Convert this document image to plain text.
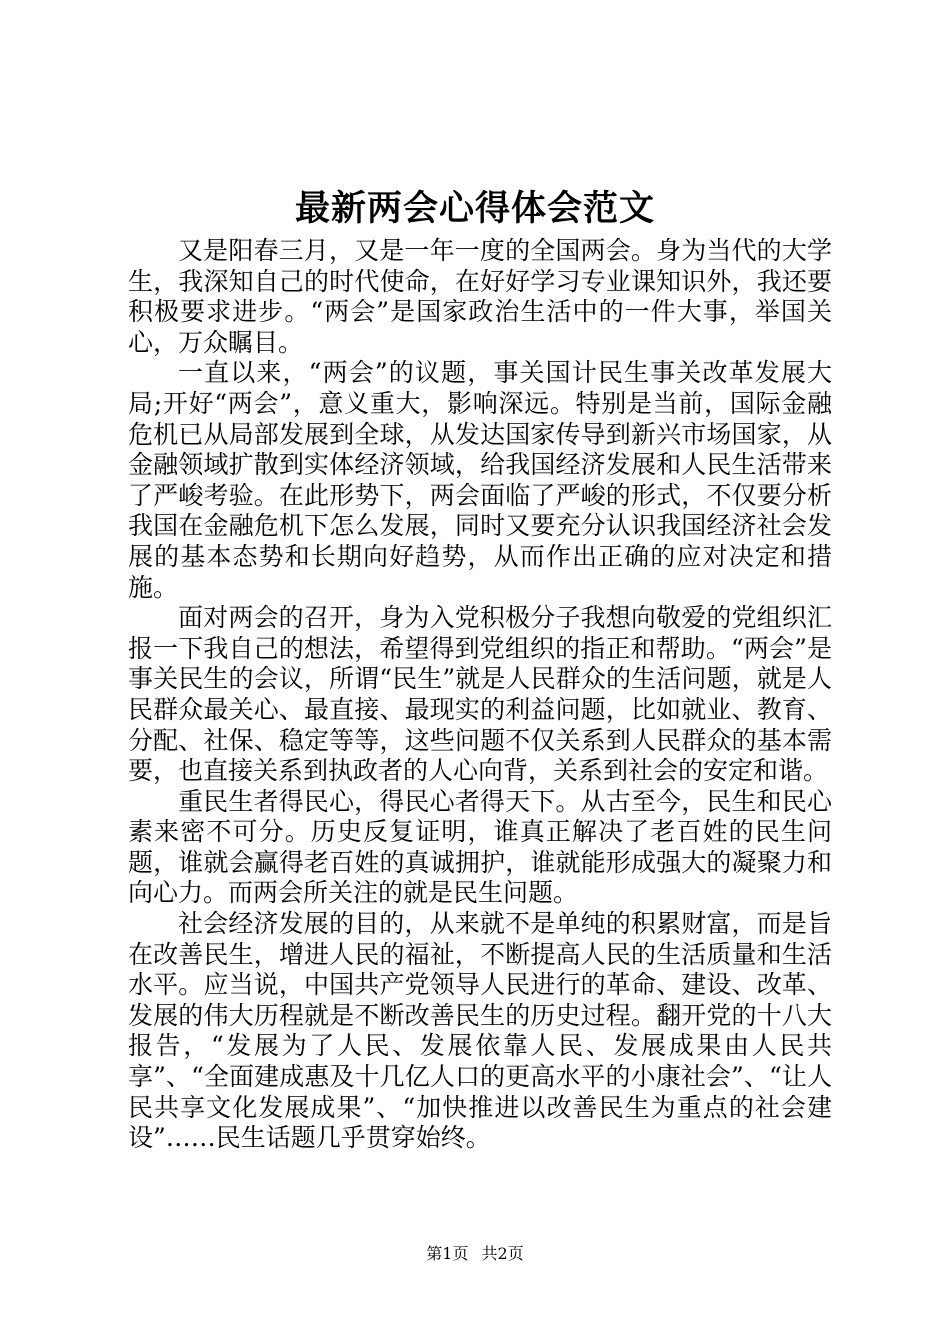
最新两会心得体会范文

又是阳春三月，又是一年一度的全国两会。身为当代的大学生，我深知自己的时代使命，在好好学习专业课知识外，我还要积极要求进步。“两会”是国家政治生活中的一件大事，举国关心，万众瞩目。

一直以来，“两会”的议题，事关国计民生事关改革发展大局;开好“两会”，意义重大，影响深远。特别是当前，国际金融危机已从局部发展到全球，从发达国家传导到新兴市场国家，从金融领域扩散到实体经济领域，给我国经济发展和人民生活带来了严峻考验。在此形势下，两会面临了严峻的形式，不仅要分析我国在金融危机下怎么发展，同时又要充分认识我国经济社会发展的基本态势和长期向好趋势，从而作出正确的应对决定和措施。

面对两会的召开，身为入党积极分子我想向敬爱的党组织汇报一下我自己的想法，希望得到党组织的指正和帮助。“两会”是事关民生的会议，所谓“民生”就是人民群众的生活问题，就是人民群众最关心、最直接、最现实的利益问题，比如就业、教育、分配、社保、稳定等等，这些问题不仅关系到人民群众的基本需要，也直接关系到执政者的人心向背，关系到社会的安定和谐。

重民生者得民心，得民心者得天下。从古至今，民生和民心素来密不可分。历史反复证明，谁真正解决了老百姓的民生问题，谁就会赢得老百姓的真诚拥护，谁就能形成强大的凝聚力和向心力。而两会所关注的就是民生问题。

社会经济发展的目的，从来就不是单纯的积累财富，而是旨在改善民生，增进人民的福祉，不断提高人民的生活质量和生活水平。应当说，中国共产党领导人民进行的革命、建设、改革、发展的伟大历程就是不断改善民生的历史过程。翻开党的十八大报告，“发展为了人民、发展依靠人民、发展成果由人民共享”、“全面建成惠及十几亿人口的更高水平的小康社会”、“让人民共享文化发展成果”、“加快推进以改善民生为重点的社会建设”……民生话题几乎贯穿始终。

第1页 共2页
